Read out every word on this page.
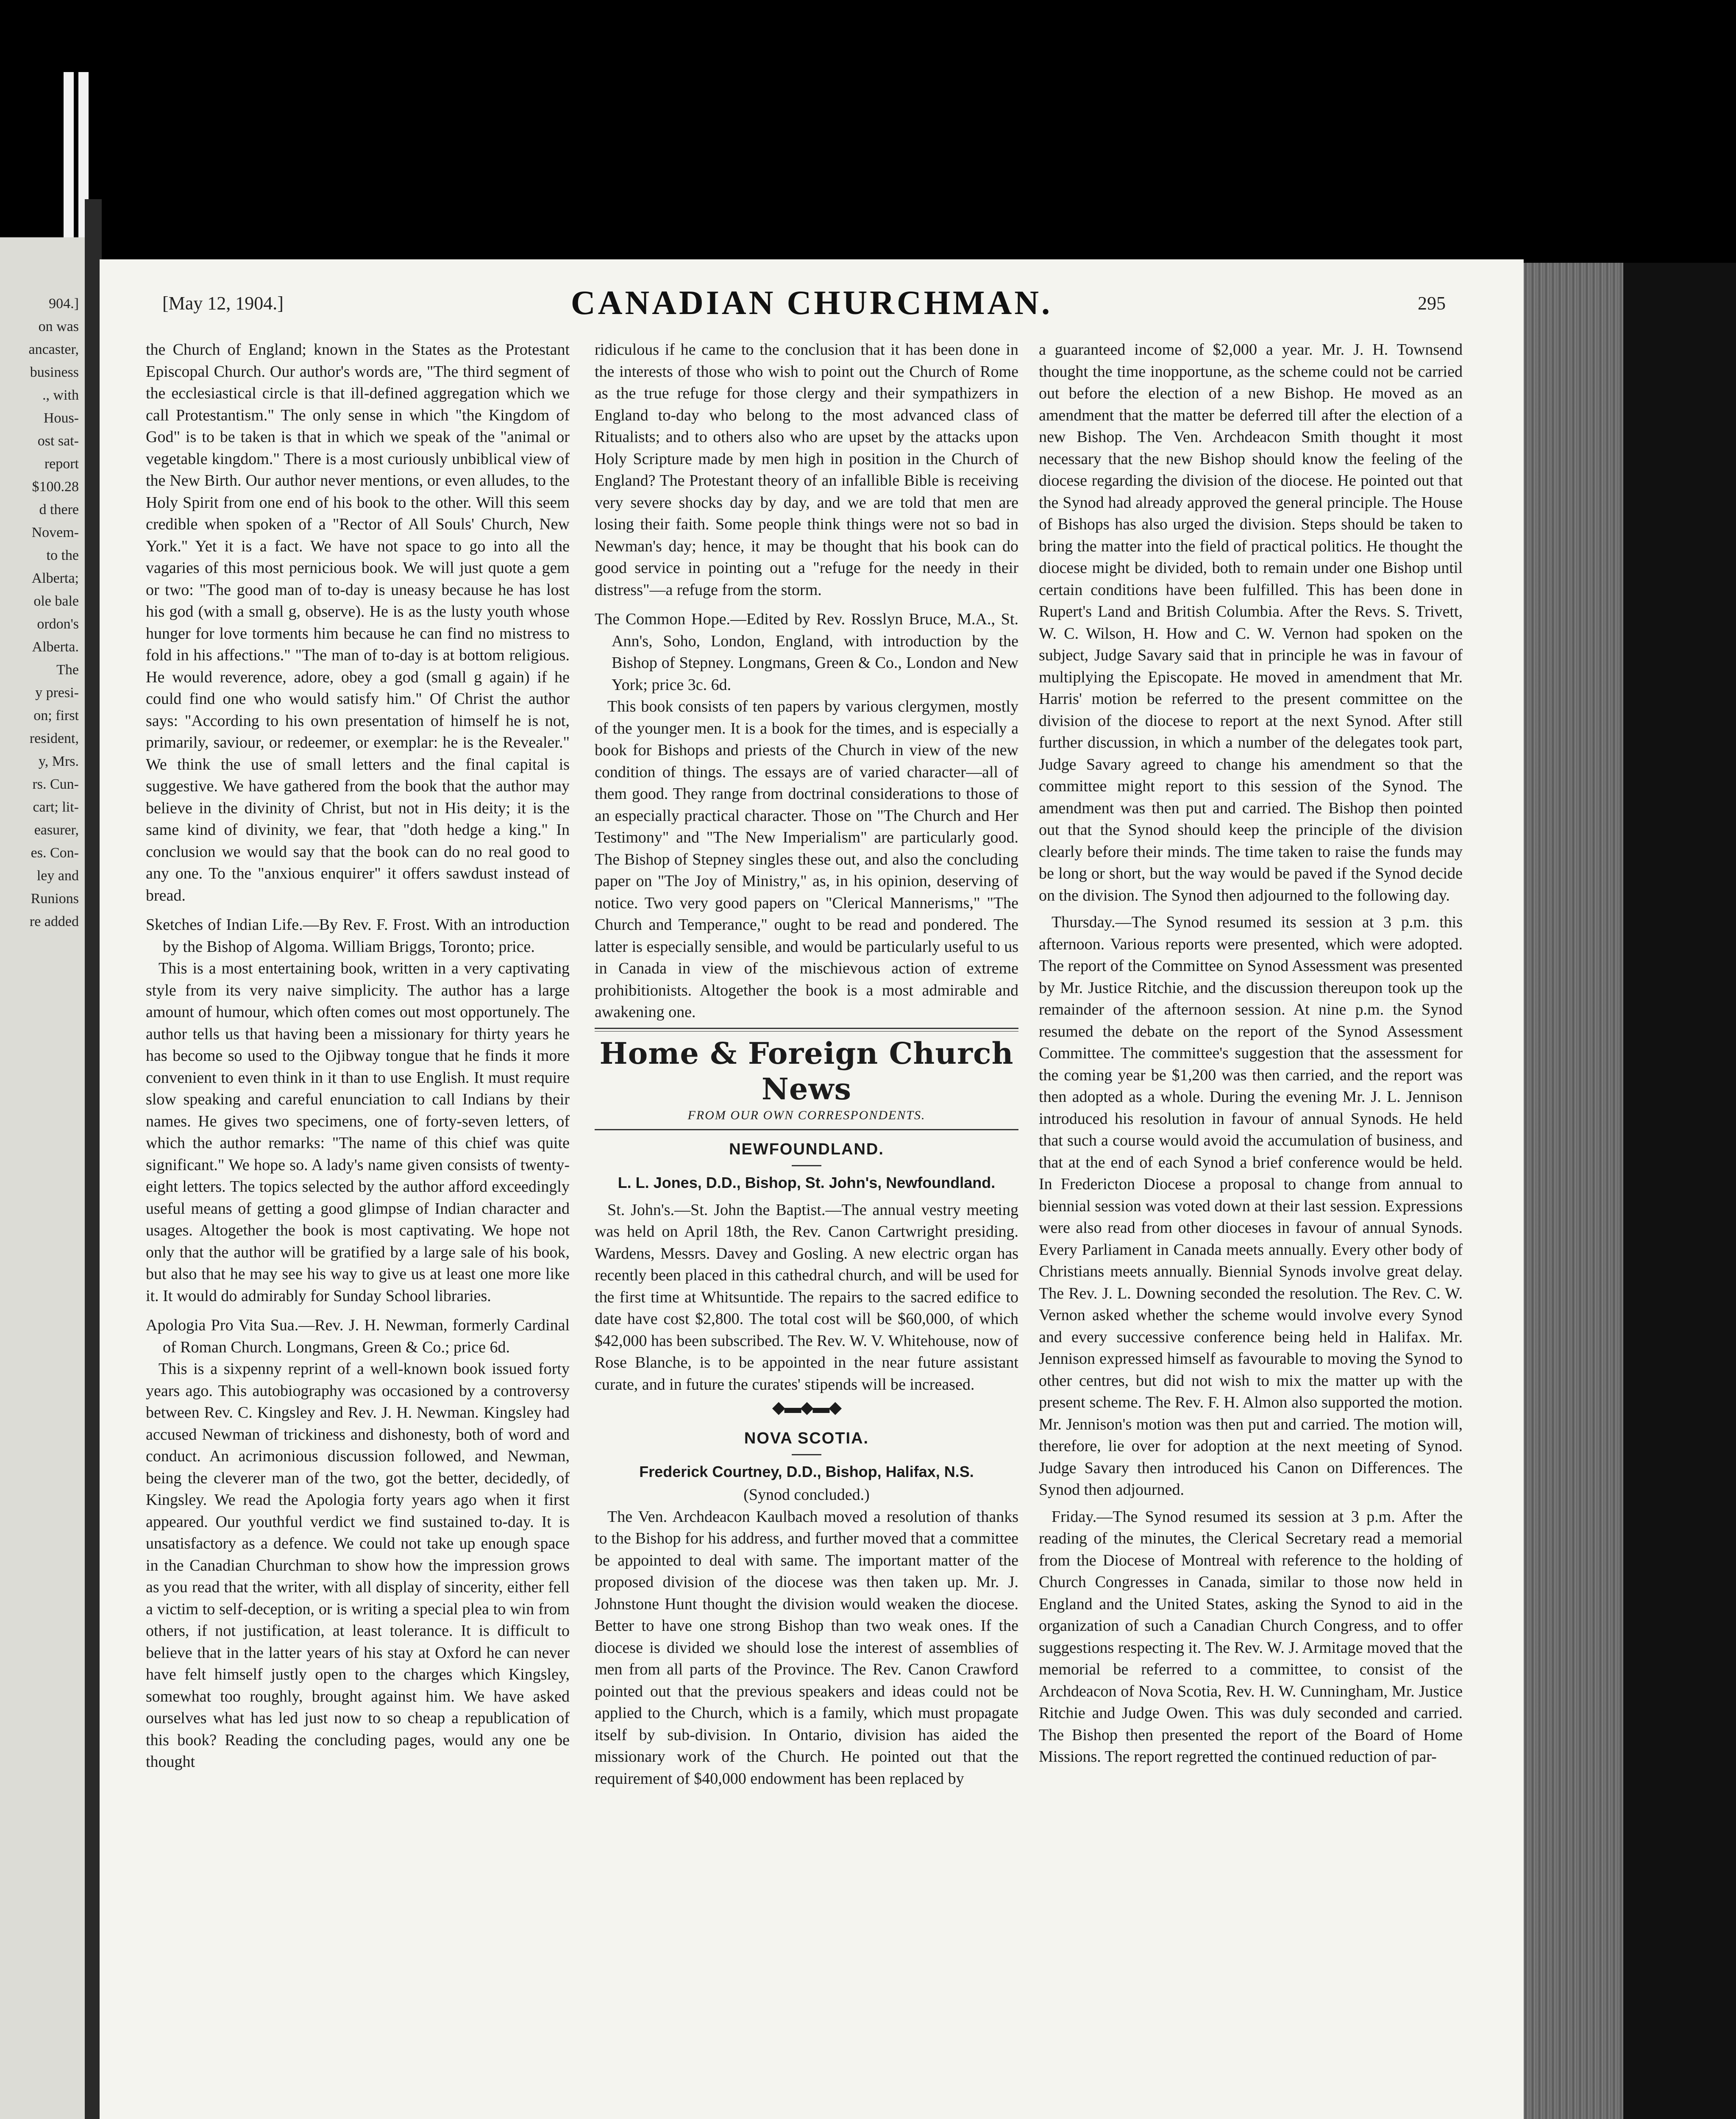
904.]
on was
ancaster,
business
., with
Hous-
ost sat-
report
$100.28
d there
Novem-
to the
Alberta;
ole bale
ordon's
Alberta.
The
y presi-
on; first
resident,
y, Mrs.
rs. Cun-
cart; lit-
easurer,
es. Con-
ley and
Runions
re added
[May 12, 1904.]	CANADIAN CHURCHMAN.	295

the Church of England; known in the States as the Protestant Episcopal Church. Our author's words are, "The third segment of the ecclesiastical circle is that ill-defined aggregation which we call Protestantism." The only sense in which "the Kingdom of God" is to be taken is that in which we speak of the "animal or vegetable kingdom." There is a most curiously unbiblical view of the New Birth. Our author never mentions, or even alludes, to the Holy Spirit from one end of his book to the other. Will this seem credible when spoken of a "Rector of All Souls' Church, New York." Yet it is a fact. We have not space to go into all the vagaries of this most pernicious book. We will just quote a gem or two: "The good man of to-day is uneasy because he has lost his god (with a small g, observe). He is as the lusty youth whose hunger for love torments him because he can find no mistress to fold in his affections." "The man of to-day is at bottom religious. He would reverence, adore, obey a god (small g again) if he could find one who would satisfy him." Of Christ the author says: "According to his own presentation of himself he is not, primarily, saviour, or redeemer, or exemplar: he is the Revealer." We think the use of small letters and the final capital is suggestive. We have gathered from the book that the author may believe in the divinity of Christ, but not in His deity; it is the same kind of divinity, we fear, that "doth hedge a king." In conclusion we would say that the book can do no real good to any one. To the "anxious enquirer" it offers sawdust instead of bread.

Sketches of Indian Life.—By Rev. F. Frost. With an introduction by the Bishop of Algoma. William Briggs, Toronto; price.

This is a most entertaining book, written in a very captivating style from its very naive simplicity. The author has a large amount of humour, which often comes out most opportunely. The author tells us that having been a missionary for thirty years he has become so used to the Ojibway tongue that he finds it more convenient to even think in it than to use English. It must require slow speaking and careful enunciation to call Indians by their names. He gives two specimens, one of forty-seven letters, of which the author remarks: "The name of this chief was quite significant." We hope so. A lady's name given consists of twenty-eight letters. The topics selected by the author afford exceedingly useful means of getting a good glimpse of Indian character and usages. Altogether the book is most captivating. We hope not only that the author will be gratified by a large sale of his book, but also that he may see his way to give us at least one more like it. It would do admirably for Sunday School libraries.

Apologia Pro Vita Sua.—Rev. J. H. Newman, formerly Cardinal of Roman Church. Longmans, Green & Co.; price 6d.

This is a sixpenny reprint of a well-known book issued forty years ago. This autobiography was occasioned by a controversy between Rev. C. Kingsley and Rev. J. H. Newman. Kingsley had accused Newman of trickiness and dishonesty, both of word and conduct. An acrimonious discussion followed, and Newman, being the cleverer man of the two, got the better, decidedly, of Kingsley. We read the Apologia forty years ago when it first appeared. Our youthful verdict we find sustained to-day. It is unsatisfactory as a defence. We could not take up enough space in the Canadian Churchman to show how the impression grows as you read that the writer, with all display of sincerity, either fell a victim to self-deception, or is writing a special plea to win from others, if not justification, at least tolerance. It is difficult to believe that in the latter years of his stay at Oxford he can never have felt himself justly open to the charges which Kingsley, somewhat too roughly, brought against him. We have asked ourselves what has led just now to so cheap a republication of this book? Reading the concluding pages, would any one be thought

ridiculous if he came to the conclusion that it has been done in the interests of those who wish to point out the Church of Rome as the true refuge for those clergy and their sympathizers in England to-day who belong to the most advanced class of Ritualists; and to others also who are upset by the attacks upon Holy Scripture made by men high in position in the Church of England? The Protestant theory of an infallible Bible is receiving very severe shocks day by day, and we are told that men are losing their faith. Some people think things were not so bad in Newman's day; hence, it may be thought that his book can do good service in pointing out a "refuge for the needy in their distress"—a refuge from the storm.

The Common Hope.—Edited by Rev. Rosslyn Bruce, M.A., St. Ann's, Soho, London, England, with introduction by the Bishop of Stepney. Longmans, Green & Co., London and New York; price 3c. 6d.

This book consists of ten papers by various clergymen, mostly of the younger men. It is a book for the times, and is especially a book for Bishops and priests of the Church in view of the new condition of things. The essays are of varied character—all of them good. They range from doctrinal considerations to those of an especially practical character. Those on "The Church and Her Testimony" and "The New Imperialism" are particularly good. The Bishop of Stepney singles these out, and also the concluding paper on "The Joy of Ministry," as, in his opinion, deserving of notice. Two very good papers on "Clerical Mannerisms," "The Church and Temperance," ought to be read and pondered. The latter is especially sensible, and would be particularly useful to us in Canada in view of the mischievous action of extreme prohibitionists. Altogether the book is a most admirable and awakening one.

Home & Foreign Church News
FROM OUR OWN CORRESPONDENTS.
NEWFOUNDLAND.
L. L. Jones, D.D., Bishop, St. John's, Newfoundland.

St. John's.—St. John the Baptist.—The annual vestry meeting was held on April 18th, the Rev. Canon Cartwright presiding. Wardens, Messrs. Davey and Gosling. A new electric organ has recently been placed in this cathedral church, and will be used for the first time at Whitsuntide. The repairs to the sacred edifice to date have cost $2,800. The total cost will be $60,000, of which $42,000 has been subscribed. The Rev. W. V. Whitehouse, now of Rose Blanche, is to be appointed in the near future assistant curate, and in future the curates' stipends will be increased.

◆▬◆▬◆
NOVA SCOTIA.
Frederick Courtney, D.D., Bishop, Halifax, N.S.
(Synod concluded.)

The Ven. Archdeacon Kaulbach moved a resolution of thanks to the Bishop for his address, and further moved that a committee be appointed to deal with same. The important matter of the proposed division of the diocese was then taken up. Mr. J. Johnstone Hunt thought the division would weaken the diocese. Better to have one strong Bishop than two weak ones. If the diocese is divided we should lose the interest of assemblies of men from all parts of the Province. The Rev. Canon Crawford pointed out that the previous speakers and ideas could not be applied to the Church, which is a family, which must propagate itself by sub-division. In Ontario, division has aided the missionary work of the Church. He pointed out that the requirement of $40,000 endowment has been replaced by

a guaranteed income of $2,000 a year. Mr. J. H. Townsend thought the time inopportune, as the scheme could not be carried out before the election of a new Bishop. He moved as an amendment that the matter be deferred till after the election of a new Bishop. The Ven. Archdeacon Smith thought it most necessary that the new Bishop should know the feeling of the diocese regarding the division of the diocese. He pointed out that the Synod had already approved the general principle. The House of Bishops has also urged the division. Steps should be taken to bring the matter into the field of practical politics. He thought the diocese might be divided, both to remain under one Bishop until certain conditions have been fulfilled. This has been done in Rupert's Land and British Columbia. After the Revs. S. Trivett, W. C. Wilson, H. How and C. W. Vernon had spoken on the subject, Judge Savary said that in principle he was in favour of multiplying the Episcopate. He moved in amendment that Mr. Harris' motion be referred to the present committee on the division of the diocese to report at the next Synod. After still further discussion, in which a number of the delegates took part, Judge Savary agreed to change his amendment so that the committee might report to this session of the Synod. The amendment was then put and carried. The Bishop then pointed out that the Synod should keep the principle of the division clearly before their minds. The time taken to raise the funds may be long or short, but the way would be paved if the Synod decide on the division. The Synod then adjourned to the following day.

Thursday.—The Synod resumed its session at 3 p.m. this afternoon. Various reports were presented, which were adopted. The report of the Committee on Synod Assessment was presented by Mr. Justice Ritchie, and the discussion thereupon took up the remainder of the afternoon session. At nine p.m. the Synod resumed the debate on the report of the Synod Assessment Committee. The committee's suggestion that the assessment for the coming year be $1,200 was then carried, and the report was then adopted as a whole. During the evening Mr. J. L. Jennison introduced his resolution in favour of annual Synods. He held that such a course would avoid the accumulation of business, and that at the end of each Synod a brief conference would be held. In Fredericton Diocese a proposal to change from annual to biennial session was voted down at their last session. Expressions were also read from other dioceses in favour of annual Synods. Every Parliament in Canada meets annually. Every other body of Christians meets annually. Biennial Synods involve great delay. The Rev. J. L. Downing seconded the resolution. The Rev. C. W. Vernon asked whether the scheme would involve every Synod and every successive conference being held in Halifax. Mr. Jennison expressed himself as favourable to moving the Synod to other centres, but did not wish to mix the matter up with the present scheme. The Rev. F. H. Almon also supported the motion. Mr. Jennison's motion was then put and carried. The motion will, therefore, lie over for adoption at the next meeting of Synod. Judge Savary then introduced his Canon on Differences. The Synod then adjourned.

Friday.—The Synod resumed its session at 3 p.m. After the reading of the minutes, the Clerical Secretary read a memorial from the Diocese of Montreal with reference to the holding of Church Congresses in Canada, similar to those now held in England and the United States, asking the Synod to aid in the organization of such a Canadian Church Congress, and to offer suggestions respecting it. The Rev. W. J. Armitage moved that the memorial be referred to a committee, to consist of the Archdeacon of Nova Scotia, Rev. H. W. Cunningham, Mr. Justice Ritchie and Judge Owen. This was duly seconded and carried. The Bishop then presented the report of the Board of Home Missions. The report regretted the continued reduction of par-
